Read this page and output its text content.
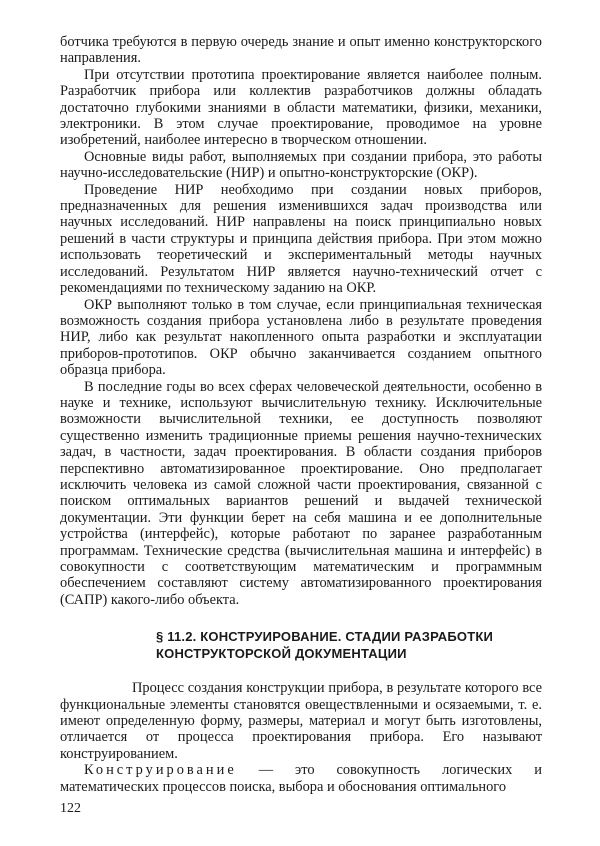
ботчика требуются в первую очередь знание и опыт именно конструкторского направления.

При отсутствии прототипа проектирование является наиболее полным. Разработчик прибора или коллектив разработчиков должны обладать достаточно глубокими знаниями в области математики, физики, механики, электроники. В этом случае проектирование, проводимое на уровне изобретений, наиболее интересно в творческом отношении.

Основные виды работ, выполняемых при создании прибора, это работы научно-исследовательские (НИР) и опытно-конструкторские (ОКР).

Проведение НИР необходимо при создании новых приборов, предназначенных для решения изменившихся задач производства или научных исследований. НИР направлены на поиск принципиально новых решений в части структуры и принципа действия прибора. При этом можно использовать теоретический и экспериментальный методы научных исследований. Результатом НИР является научно-технический отчет с рекомендациями по техническому заданию на ОКР.

ОКР выполняют только в том случае, если принципиальная техническая возможность создания прибора установлена либо в результате проведения НИР, либо как результат накопленного опыта разработки и эксплуатации приборов-прототипов. ОКР обычно заканчивается созданием опытного образца прибора.

В последние годы во всех сферах человеческой деятельности, особенно в науке и технике, используют вычислительную технику. Исключительные возможности вычислительной техники, ее доступность позволяют существенно изменить традиционные приемы решения научно-технических задач, в частности, задач проектирования. В области создания приборов перспективно автоматизированное проектирование. Оно предполагает исключить человека из самой сложной части проектирования, связанной с поиском оптимальных вариантов решений и выдачей технической документации. Эти функции берет на себя машина и ее дополнительные устройства (интерфейс), которые работают по заранее разработанным программам. Технические средства (вычислительная машина и интерфейс) в совокупности с соответствующим математическим и программным обеспечением составляют систему автоматизированного проектирования (САПР) какого-либо объекта.

§ 11.2. КОНСТРУИРОВАНИЕ. СТАДИИ РАЗРАБОТКИ
КОНСТРУКТОРСКОЙ ДОКУМЕНТАЦИИ

Процесс создания конструкции прибора, в результате которого все функциональные элементы становятся овеществленными и осязаемыми, т. е. имеют определенную форму, размеры, материал и могут быть изготовлены, отличается от процесса проектирования прибора. Его называют конструированием.

Конструирование — это совокупность логических и математических процессов поиска, выбора и обоснования оптимального

122
